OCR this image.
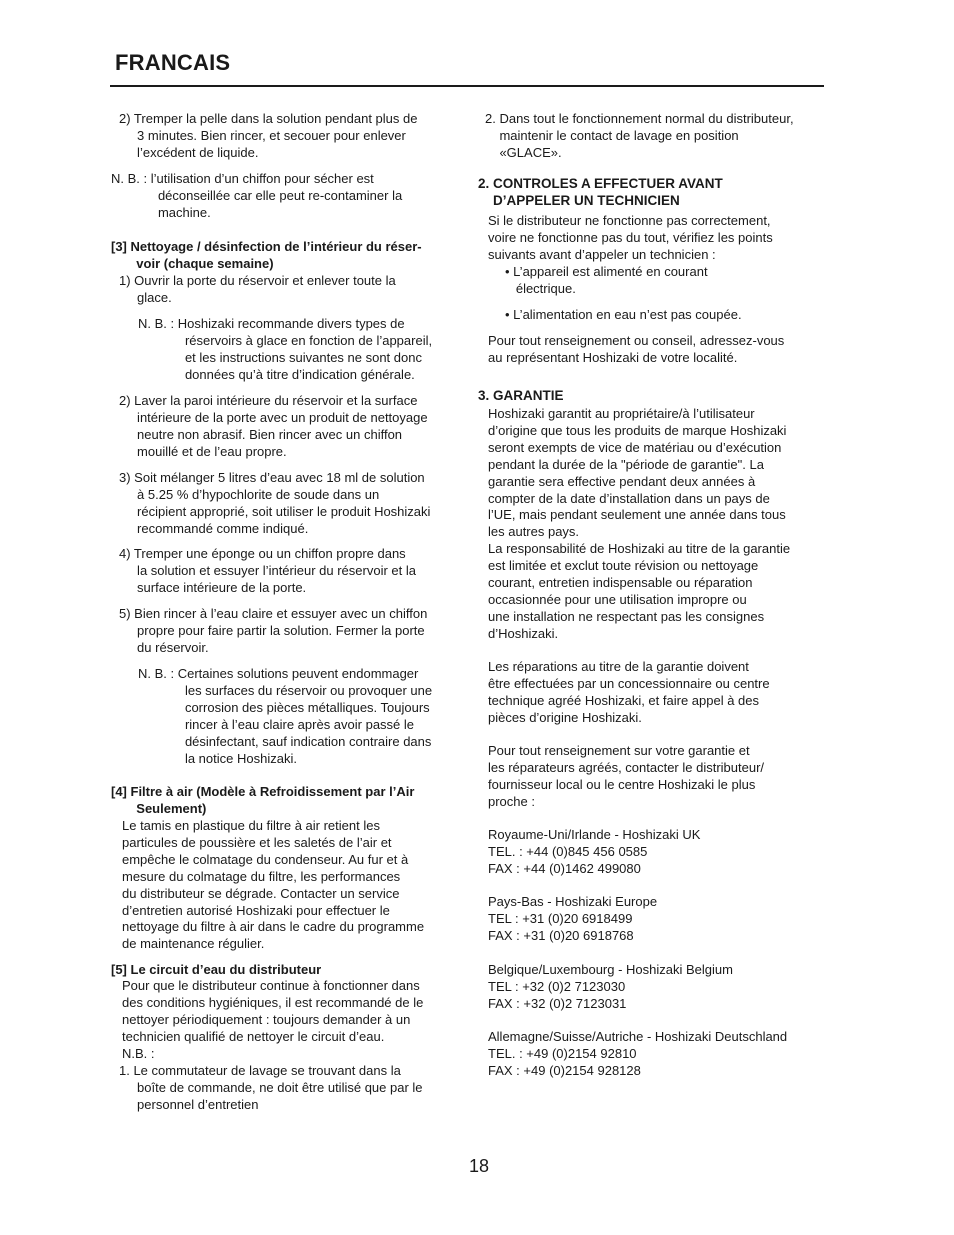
FRANCAIS

2) Tremper la pelle dans la solution pendant plus de
3 minutes. Bien rincer, et secouer pour enlever
l’excédent de liquide.

N. B. : l’utilisation d’un chiffon pour sécher est
déconseillée car elle peut re-contaminer la
machine.

[3] Nettoyage / désinfection de l’intérieur du réser-
voir (chaque semaine)

1) Ouvrir la porte du réservoir et enlever toute la
glace.

N. B. : Hoshizaki recommande divers types de
réservoirs à glace en fonction de l’appareil,
et les instructions suivantes ne sont donc
données qu’à titre d’indication générale.

2) Laver la paroi intérieure du réservoir et la surface
intérieure de la porte avec un produit de nettoyage
neutre non abrasif. Bien rincer avec un chiffon
mouillé et de l’eau propre.

3) Soit mélanger 5 litres d’eau avec 18 ml de solution
à 5.25 % d’hypochlorite de soude dans un
récipient approprié, soit utiliser le produit Hoshizaki
recommandé comme indiqué.

4) Tremper une éponge ou un chiffon propre dans
la solution et essuyer l’intérieur du réservoir et la
surface intérieure de la porte.

5) Bien rincer à l’eau claire et essuyer avec un chiffon
propre pour faire partir la solution. Fermer la porte
du réservoir.

N. B. : Certaines solutions peuvent endommager
les surfaces du réservoir ou provoquer une
corrosion des pièces métalliques. Toujours
rincer à l’eau claire après avoir passé le
désinfectant, sauf indication contraire dans
la notice Hoshizaki.

[4] Filtre à air (Modèle à Refroidissement par l’Air
Seulement)

Le tamis en plastique du filtre à air retient les
particules de poussière et les saletés de l’air et
empêche le colmatage du condenseur. Au fur et à
mesure du colmatage du filtre, les performances
du distributeur se dégrade. Contacter un service
d’entretien autorisé Hoshizaki pour effectuer le
nettoyage du filtre à air dans le cadre du programme
de maintenance régulier.

[5] Le circuit d’eau du distributeur

Pour que le distributeur continue à fonctionner dans
des conditions hygiéniques, il est recommandé de le
nettoyer périodiquement : toujours demander à un
technicien qualifié de nettoyer le circuit d’eau.
N.B. :

1. Le commutateur de lavage se trouvant dans la
boîte de commande, ne doit être utilisé que par le
personnel d’entretien

2. Dans tout le fonctionnement normal du distributeur,
maintenir le contact de lavage en position
«GLACE».

2. CONTROLES A EFFECTUER AVANT
D’APPELER UN TECHNICIEN

Si le distributeur ne fonctionne pas correctement,
voire ne fonctionne pas du tout, vérifiez les points
suivants avant d’appeler un technicien :

• L’appareil est alimenté en courant
électrique.

• L’alimentation en eau n’est pas coupée.

Pour tout renseignement ou conseil, adressez-vous
au représentant Hoshizaki de votre localité.

3. GARANTIE

Hoshizaki garantit au propriétaire/à l’utilisateur
d’origine que tous les produits de marque Hoshizaki
seront exempts de vice de matériau ou d’exécution
pendant la durée de la "période de garantie". La
garantie sera effective pendant deux années à
compter de la date d’installation dans un pays de
l’UE, mais pendant seulement une année dans tous
les autres pays.
La responsabilité de Hoshizaki au titre de la garantie
est limitée et exclut toute révision ou nettoyage
courant, entretien indispensable ou réparation
occasionnée pour une utilisation impropre ou
une installation ne respectant pas les consignes
d’Hoshizaki.

Les réparations au titre de la garantie doivent
être effectuées par un concessionnaire ou centre
technique agréé Hoshizaki, et faire appel à des
pièces d’origine Hoshizaki.

Pour tout renseignement sur votre garantie et
les réparateurs agréés, contacter le distributeur/
fournisseur local ou le centre Hoshizaki le plus
proche :

Royaume-Uni/Irlande - Hoshizaki UK
TEL. : +44 (0)845 456 0585
FAX : +44 (0)1462 499080

Pays-Bas - Hoshizaki Europe
TEL : +31 (0)20 6918499
FAX : +31 (0)20 6918768

Belgique/Luxembourg - Hoshizaki Belgium
TEL : +32 (0)2 7123030
FAX : +32 (0)2 7123031

Allemagne/Suisse/Autriche - Hoshizaki Deutschland
TEL. : +49 (0)2154 92810
FAX : +49 (0)2154 928128

18
